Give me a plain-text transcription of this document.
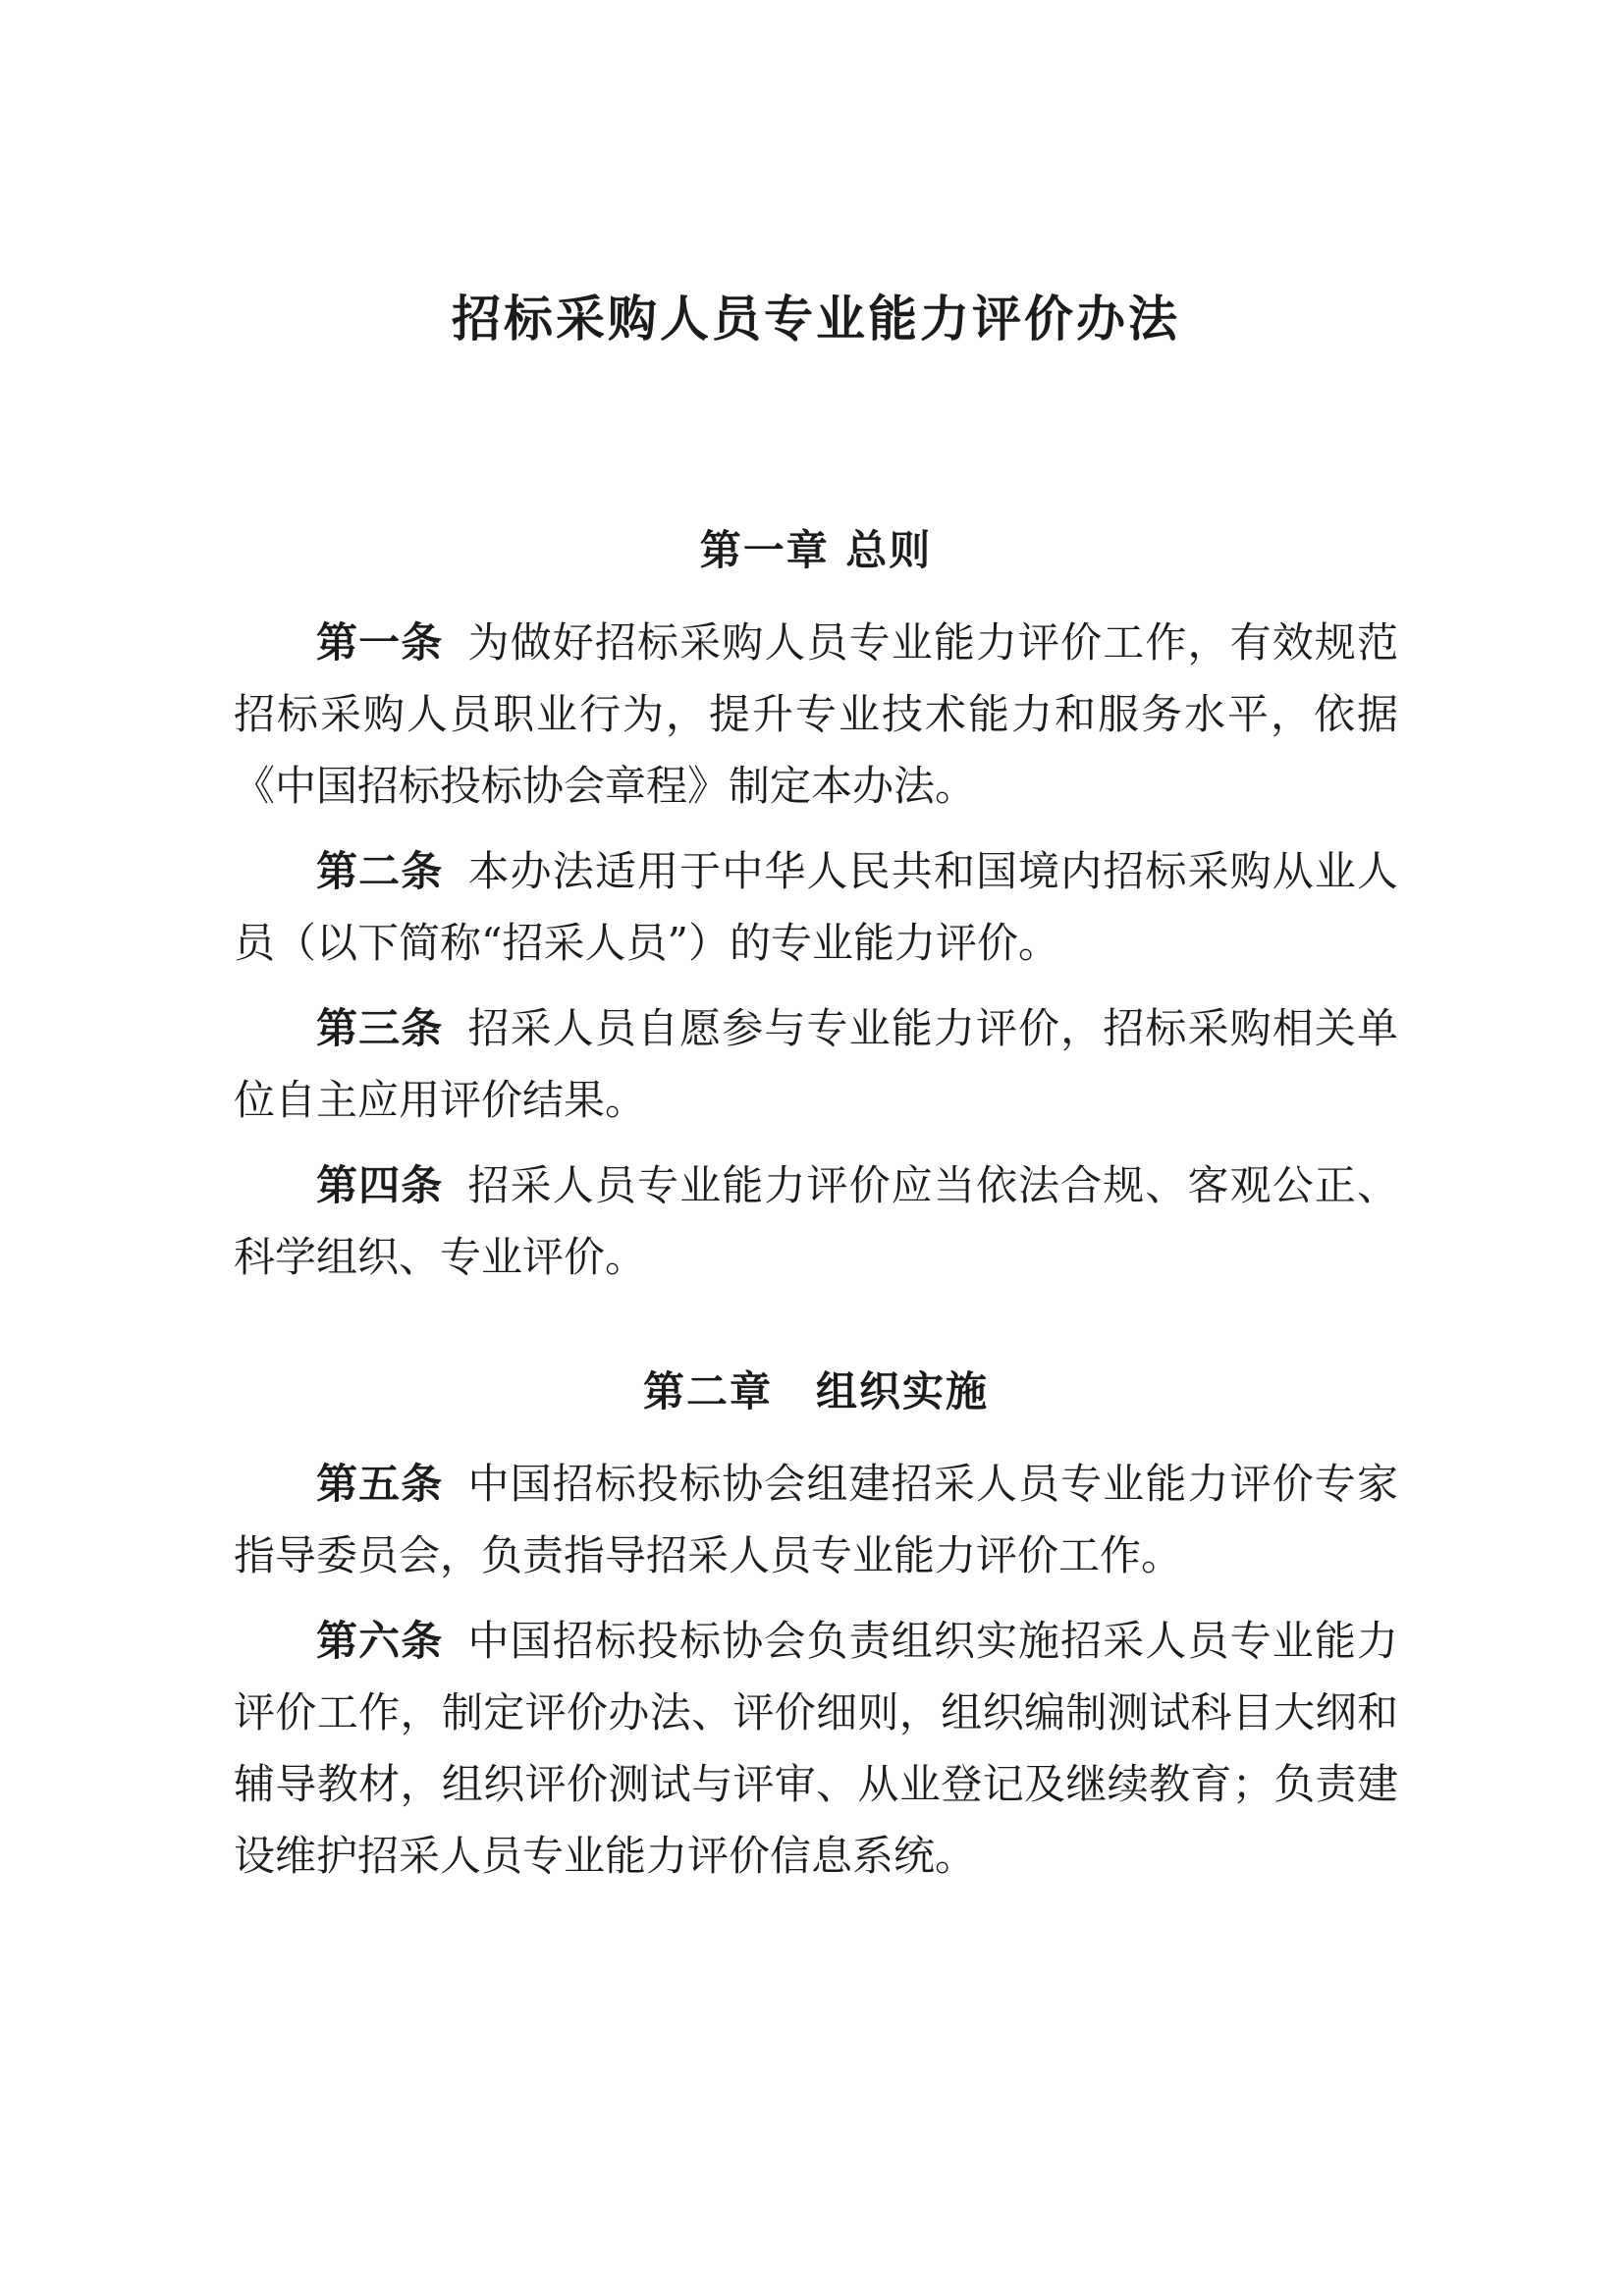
招标采购人员专业能力评价办法
第一章 总则

第一条 为做好招标采购人员专业能力评价工作，有效规范招标采购人员职业行为，提升专业技术能力和服务水平，依据《中国招标投标协会章程》制定本办法。

第二条 本办法适用于中华人民共和国境内招标采购从业人员（以下简称“招采人员”）的专业能力评价。

第三条 招采人员自愿参与专业能力评价，招标采购相关单位自主应用评价结果。

第四条 招采人员专业能力评价应当依法合规、客观公正、科学组织、专业评价。

第二章　组织实施

第五条 中国招标投标协会组建招采人员专业能力评价专家指导委员会，负责指导招采人员专业能力评价工作。

第六条 中国招标投标协会负责组织实施招采人员专业能力评价工作，制定评价办法、评价细则，组织编制测试科目大纲和辅导教材，组织评价测试与评审、从业登记及继续教育；负责建设维护招采人员专业能力评价信息系统。
